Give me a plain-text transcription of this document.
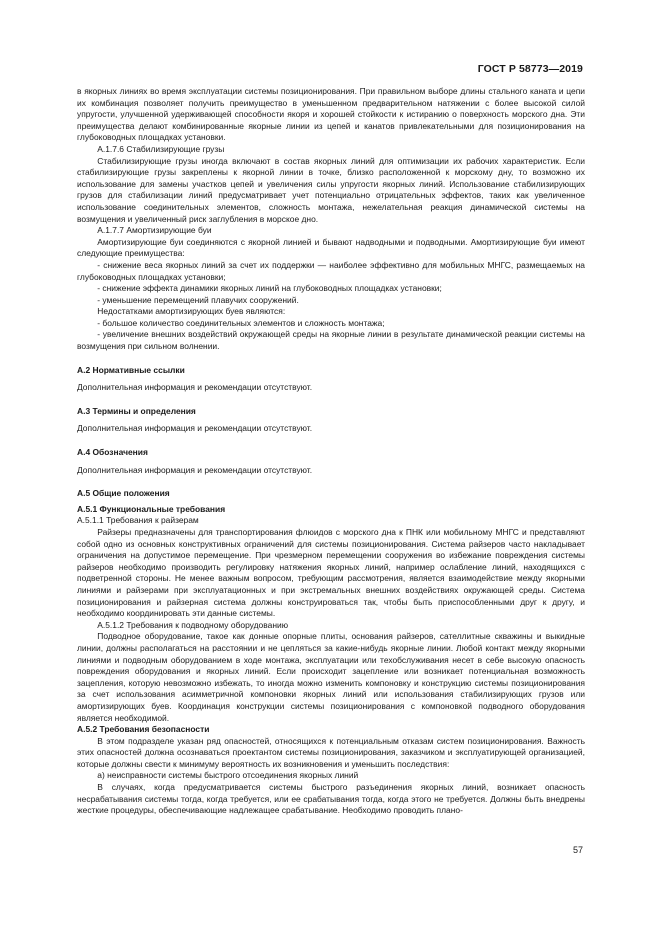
ГОСТ Р 58773—2019

в якорных линиях во время эксплуатации системы позиционирования. При правильном выборе длины стального каната и цепи их комбинация позволяет получить преимущество в уменьшенном предварительном натяжении с более высокой силой упругости, улучшенной удерживающей способности якоря и хорошей стойкости к истиранию о поверхность морского дна. Эти преимущества делают комбинированные якорные линии из цепей и канатов привлекательными для позиционирования на глубоководных площадках установки.

А.1.7.6 Стабилизирующие грузы

Стабилизирующие грузы иногда включают в состав якорных линий для оптимизации их рабочих характеристик. Если стабилизирующие грузы закреплены к якорной линии в точке, близко расположенной к морскому дну, то возможно их использование для замены участков цепей и увеличения силы упругости якорных линий. Использование стабилизирующих грузов для стабилизации линий предусматривает учет потенциально отрицательных эффектов, таких как увеличенное использование соединительных элементов, сложность монтажа, нежелательная реакция динамической системы на возмущения и увеличенный риск заглубления в морское дно.

А.1.7.7 Амортизирующие буи

Амортизирующие буи соединяются с якорной линией и бывают надводными и подводными. Амортизирующие буи имеют следующие преимущества:

- снижение веса якорных линий за счет их поддержки — наиболее эффективно для мобильных МНГС, размещаемых на глубоководных площадках установки;

- снижение эффекта динамики якорных линий на глубоководных площадках установки;

- уменьшение перемещений плавучих сооружений.

Недостатками амортизирующих буев являются:

- большое количество соединительных элементов и сложность монтажа;

- увеличение внешних воздействий окружающей среды на якорные линии в результате динамической реакции системы на возмущения при сильном волнении.

А.2 Нормативные ссылки

Дополнительная информация и рекомендации отсутствуют.

А.3 Термины и определения

Дополнительная информация и рекомендации отсутствуют.

А.4 Обозначения

Дополнительная информация и рекомендации отсутствуют.

А.5 Общие положения

А.5.1 Функциональные требования

А.5.1.1 Требования к райзерам

Райзеры предназначены для транспортирования флюидов с морского дна к ПНК или мобильному МНГС и представляют собой одно из основных конструктивных ограничений для системы позиционирования. Система райзеров часто накладывает ограничения на допустимое перемещение. При чрезмерном перемещении сооружения во избежание повреждения системы райзеров необходимо производить регулировку натяжения якорных линий, например ослабление линий, находящихся с подветренной стороны. Не менее важным вопросом, требующим рассмотрения, является взаимодействие между якорными линиями и райзерами при эксплуатационных и при экстремальных внешних воздействиях окружающей среды. Система позиционирования и райзерная система должны конструироваться так, чтобы быть приспособленными друг к другу, и необходимо координировать эти данные системы.

А.5.1.2 Требования к подводному оборудованию

Подводное оборудование, такое как донные опорные плиты, основания райзеров, сателлитные скважины и выкидные линии, должны располагаться на расстоянии и не цепляться за какие-нибудь якорные линии. Любой контакт между якорными линиями и подводным оборудованием в ходе монтажа, эксплуатации или техобслуживания несет в себе высокую опасность повреждения оборудования и якорных линий. Если происходит зацепление или возникает потенциальная возможность зацепления, которую невозможно избежать, то иногда можно изменить компоновку и конструкцию системы позиционирования за счет использования асимметричной компоновки якорных линий или использования стабилизирующих грузов или амортизирующих буев. Координация конструкции системы позиционирования с компоновкой подводного оборудования является необходимой.

А.5.2 Требования безопасности

В этом подразделе указан ряд опасностей, относящихся к потенциальным отказам систем позиционирования. Важность этих опасностей должна осознаваться проектантом системы позиционирования, заказчиком и эксплуатирующей организацией, которые должны свести к минимуму вероятность их возникновения и уменьшить последствия:

а) неисправности системы быстрого отсоединения якорных линий

В случаях, когда предусматривается системы быстрого разъединения якорных линий, возникает опасность несрабатывания системы тогда, когда требуется, или ее срабатывания тогда, когда этого не требуется. Должны быть внедрены жесткие процедуры, обеспечивающие надлежащее срабатывание. Необходимо проводить плано-

57
